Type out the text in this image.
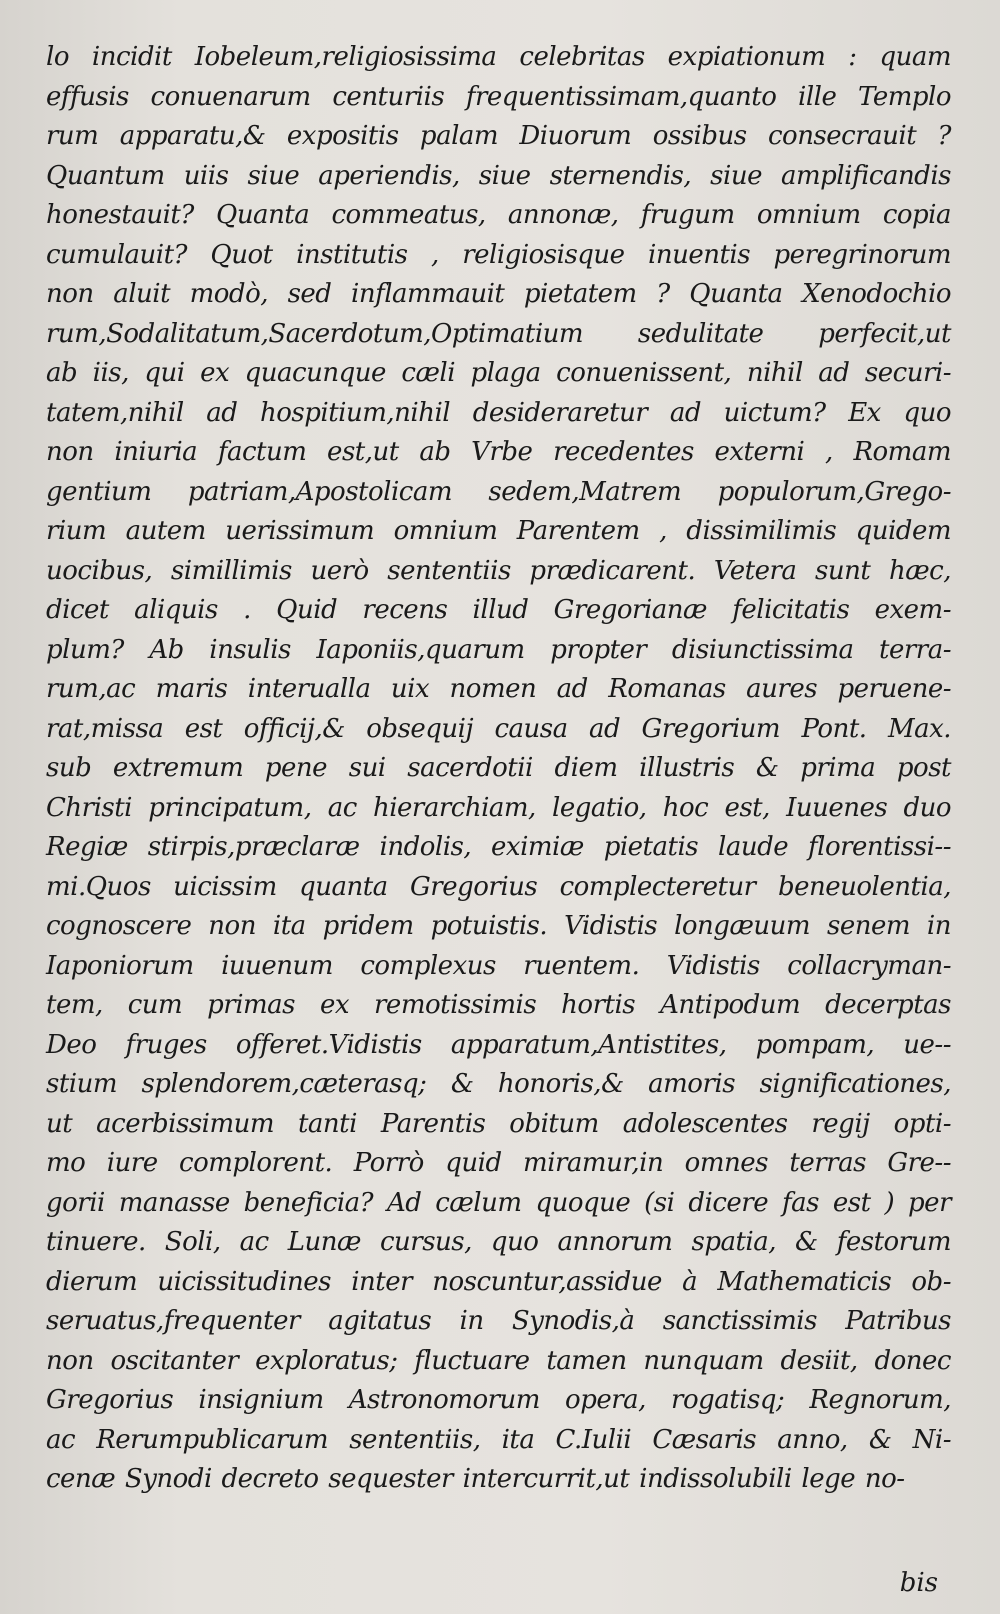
lo incidit Iobeleum,religiosissima celebritas expiationum : quam
effusis conuenarum centuriis frequentissimam,quanto ille Templo
rum apparatu,& expositis palam Diuorum ossibus consecrauit ?
Quantum uiis siue aperiendis, siue sternendis, siue amplificandis
honestauit? Quanta commeatus, annonæ, frugum omnium copia
cumulauit? Quot institutis , religiosisque inuentis peregrinorum
non aluit modò, sed inflammauit pietatem ? Quanta Xenodochio
rum,Sodalitatum,Sacerdotum,Optimatium sedulitate perfecit,ut
ab iis, qui ex quacunque cæli plaga conuenissent, nihil ad securi-
tatem,nihil ad hospitium,nihil desideraretur ad uictum? Ex quo
non iniuria factum est,ut ab Vrbe recedentes externi , Romam
gentium patriam,Apostolicam sedem,Matrem populorum,Grego-
rium autem uerissimum omnium Parentem , dissimilimis quidem
uocibus, simillimis uerò sententiis prædicarent. Vetera sunt hæc,
dicet aliquis . Quid recens illud Gregorianæ felicitatis exem-
plum? Ab insulis Iaponiis,quarum propter disiunctissima terra-
rum,ac maris interualla uix nomen ad Romanas aures peruene-
rat,missa est officij,& obsequij causa ad Gregorium Pont. Max.
sub extremum pene sui sacerdotii diem illustris & prima post
Christi principatum, ac hierarchiam, legatio, hoc est, Iuuenes duo
Regiæ stirpis,præclaræ indolis, eximiæ pietatis laude florentissi--
mi.Quos uicissim quanta Gregorius complecteretur beneuolentia,
cognoscere non ita pridem potuistis. Vidistis longæuum senem in
Iaponiorum iuuenum complexus ruentem. Vidistis collacryman-
tem, cum primas ex remotissimis hortis Antipodum decerptas
Deo fruges offeret.Vidistis apparatum,Antistites, pompam, ue--
stium splendorem,cæterasq; & honoris,& amoris significationes,
ut acerbissimum tanti Parentis obitum adolescentes regij opti-
mo iure complorent. Porrò quid miramur,in omnes terras Gre--
gorii manasse beneficia? Ad cælum quoque (si dicere fas est ) per
tinuere. Soli, ac Lunæ cursus, quo annorum spatia, & festorum
dierum uicissitudines inter noscuntur,assidue à Mathematicis ob-
seruatus,frequenter agitatus in Synodis,à sanctissimis Patribus
non oscitanter exploratus; fluctuare tamen nunquam desiit, donec
Gregorius insignium Astronomorum opera, rogatisq; Regnorum,
ac Rerumpublicarum sententiis, ita C.Iulii Cæsaris anno, & Ni-
cenæ Synodi decreto sequester intercurrit,ut indissolubili lege no-
bis
